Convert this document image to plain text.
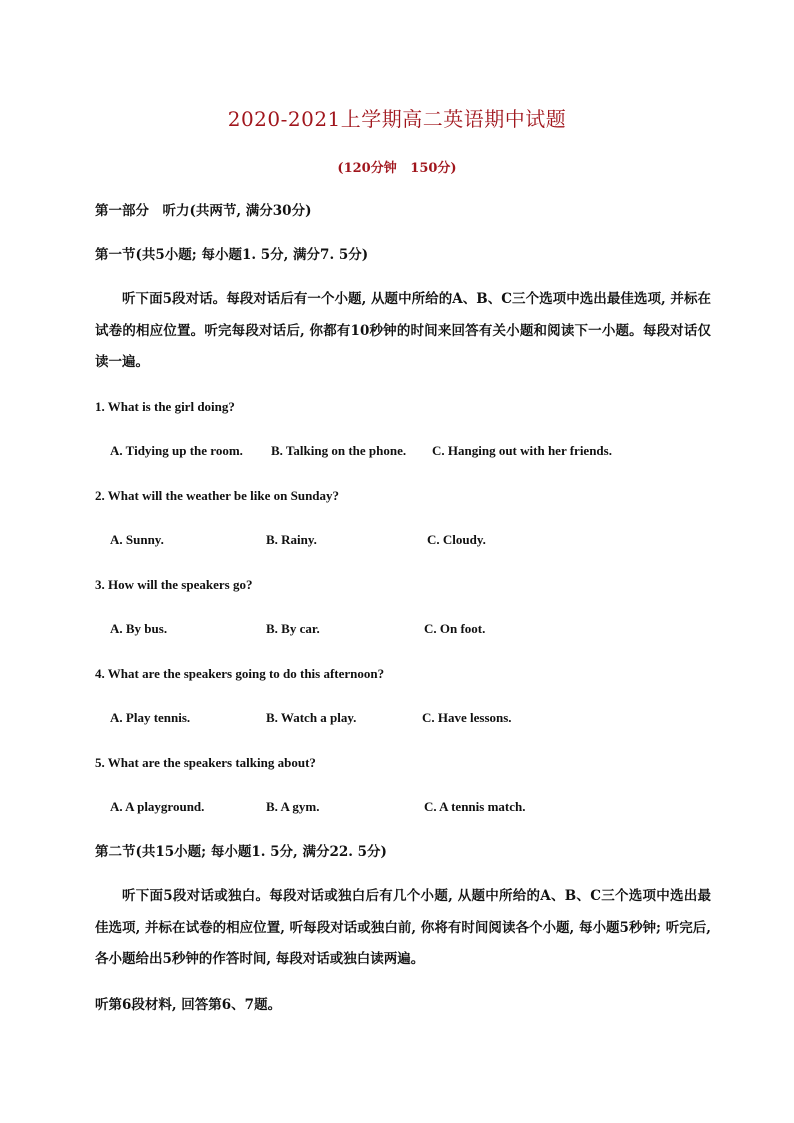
2020-2021上学期高二英语期中试题
(120分钟   150分)
第一部分　听力(共两节, 满分30分)
第一节(共5小题; 每小题1. 5分, 满分7. 5分)
听下面5段对话。每段对话后有一个小题, 从题中所给的A、B、C三个选项中选出最佳选项, 并标在试卷的相应位置。听完每段对话后, 你都有10秒钟的时间来回答有关小题和阅读下一小题。每段对话仅读一遍。
1. What is the girl doing?
A. Tidying up the room. B. Talking on the phone. C. Hanging out with her friends.
2. What will the weather be like on Sunday?
A. Sunny.	B. Rainy.	C. Cloudy.
3. How will the speakers go?
A. By bus.	B. By car.	C. On foot.
4. What are the speakers going to do this afternoon?
A. Play tennis.	B. Watch a play.	C. Have lessons.
5. What are the speakers talking about?
A. A playground.	B. A gym.	C. A tennis match.
第二节(共15小题; 每小题1. 5分, 满分22. 5分)
听下面5段对话或独白。每段对话或独白后有几个小题, 从题中所给的A、B、C三个选项中选出最佳选项, 并标在试卷的相应位置, 听每段对话或独白前, 你将有时间阅读各个小题, 每小题5秒钟; 听完后, 各小题给出5秒钟的作答时间, 每段对话或独白读两遍。
听第6段材料, 回答第6、7题。
